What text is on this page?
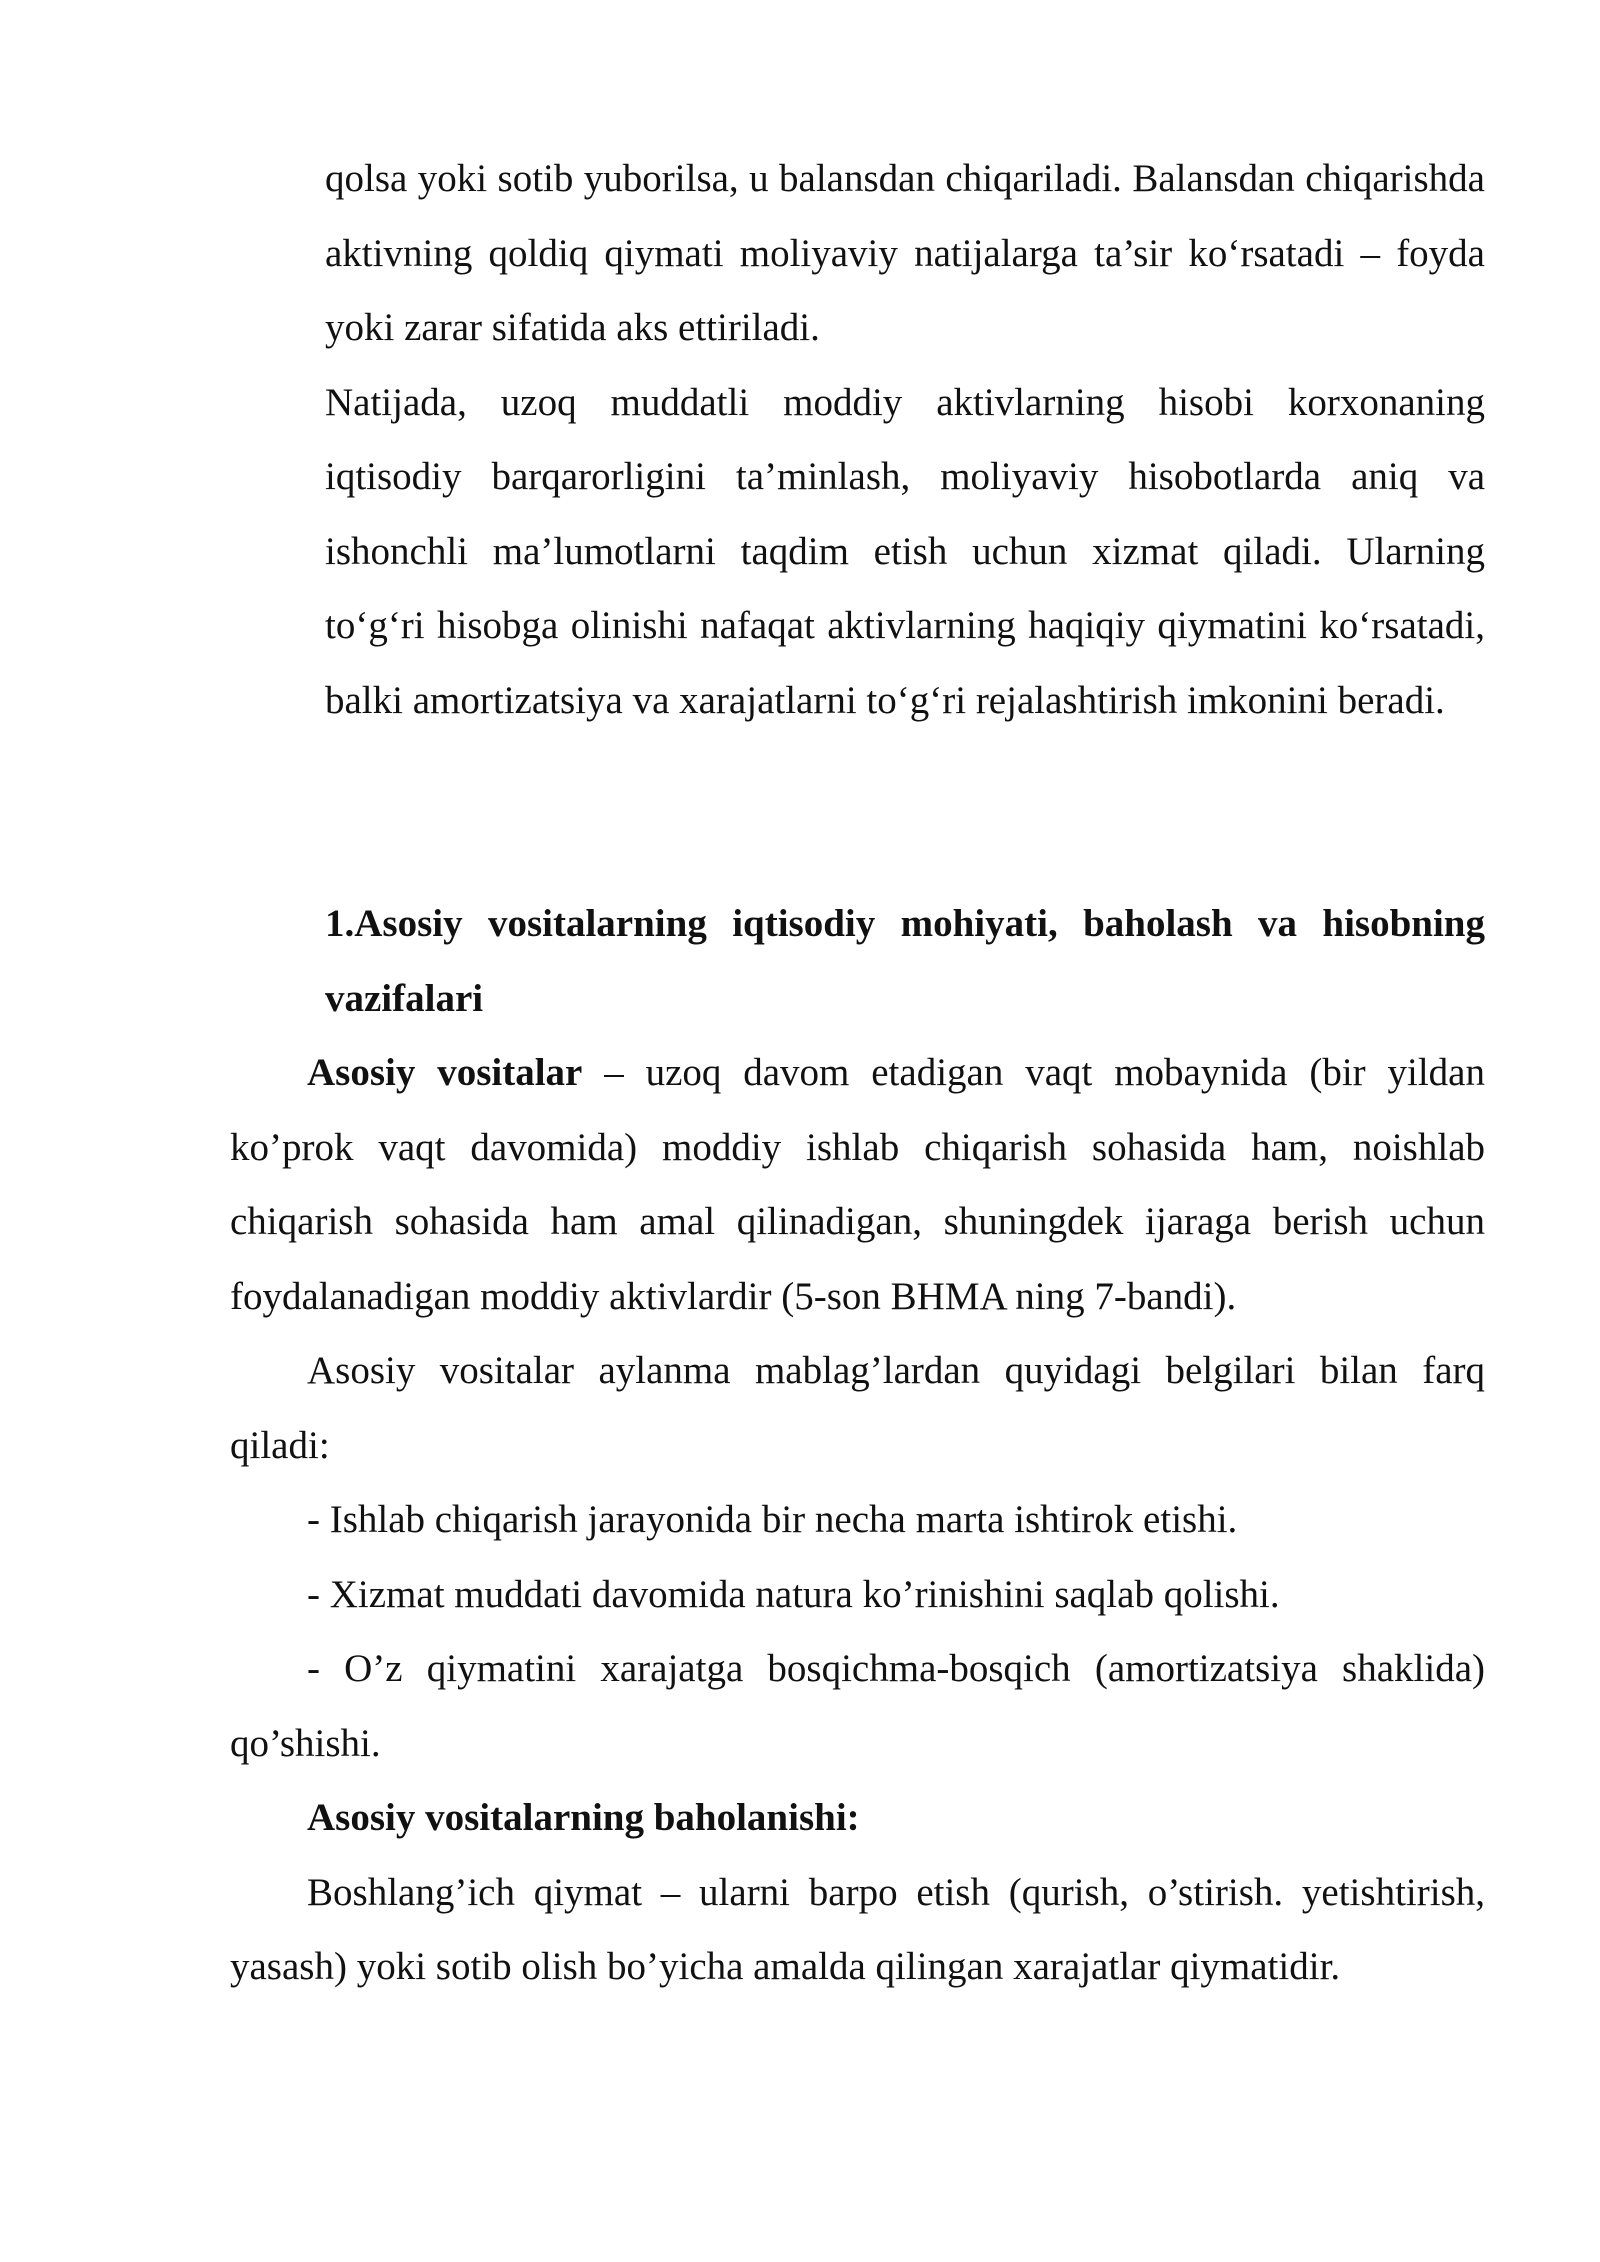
qolsa yoki sotib yuborilsa, u balansdan chiqariladi. Balansdan chiqarishda aktivning qoldiq qiymati moliyaviy natijalarga ta’sir ko‘rsatadi – foyda yoki zarar sifatida aks ettiriladi.

Natijada, uzoq muddatli moddiy aktivlarning hisobi korxonaning iqtisodiy barqarorligini ta’minlash, moliyaviy hisobotlarda aniq va ishonchli ma’lumotlarni taqdim etish uchun xizmat qiladi. Ularning to‘g‘ri hisobga olinishi nafaqat aktivlarning haqiqiy qiymatini ko‘rsatadi, balki amortizatsiya va xarajatlarni to‘g‘ri rejalashtirish imkonini beradi.

1.Asosiy vositalarning iqtisodiy mohiyati, baholash va hisobning

vazifalari

Asosiy vositalar – uzoq davom etadigan vaqt mobaynida (bir yildan ko’prok vaqt davomida) moddiy ishlab chiqarish sohasida ham, noishlab chiqarish sohasida ham amal qilinadigan, shuningdek ijaraga berish uchun foydalanadigan moddiy aktivlardir (5-son BHMA ning 7-bandi).

Asosiy vositalar aylanma mablag’lardan quyidagi belgilari bilan farq qiladi:

- Ishlab chiqarish jarayonida bir necha marta ishtirok etishi.

- Xizmat muddati davomida natura ko’rinishini saqlab qolishi.

- O’z qiymatini xarajatga bosqichma-bosqich (amortizatsiya shaklida) qo’shishi.

Asosiy vositalarning baholanishi:

Boshlang’ich qiymat – ularni barpo etish (qurish, o’stirish. yetishtirish, yasash) yoki sotib olish bo’yicha amalda qilingan xarajatlar qiymatidir.
